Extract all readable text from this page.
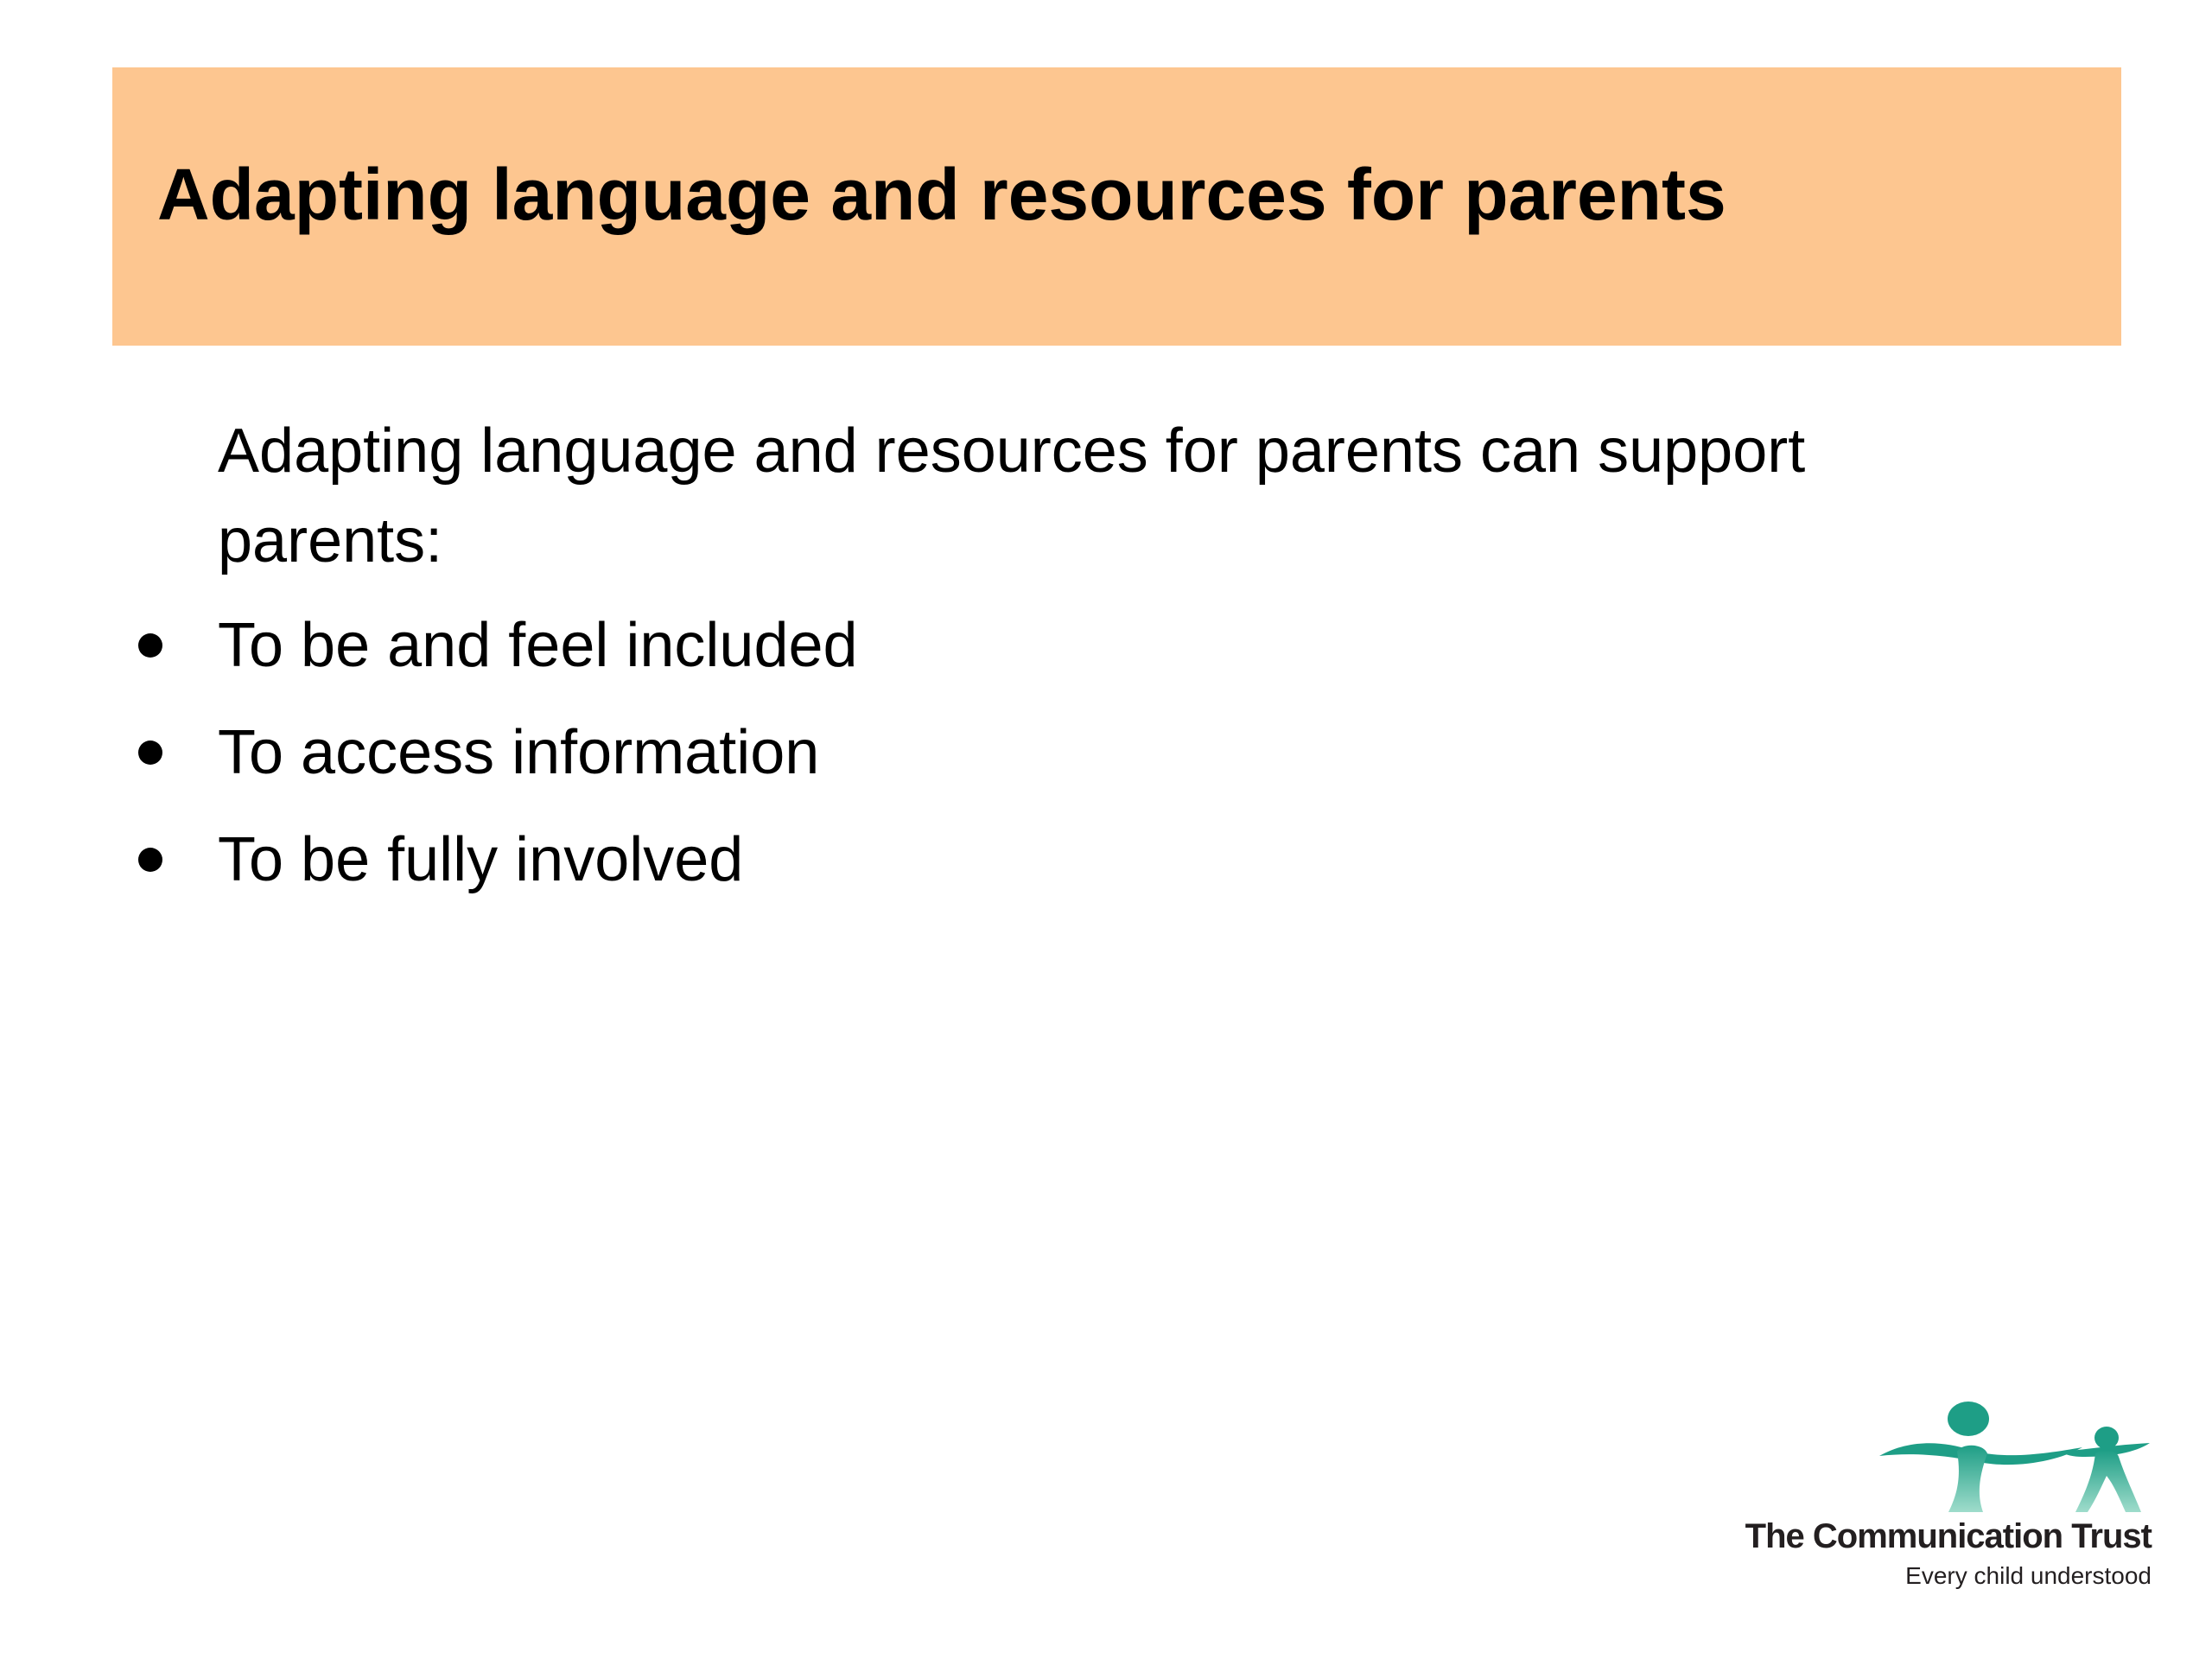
Adapting language and resources for parents

Adapting language and resources for parents can support parents:

To be and feel included
To access information
To be fully involved
The Communication Trust
Every child understood
